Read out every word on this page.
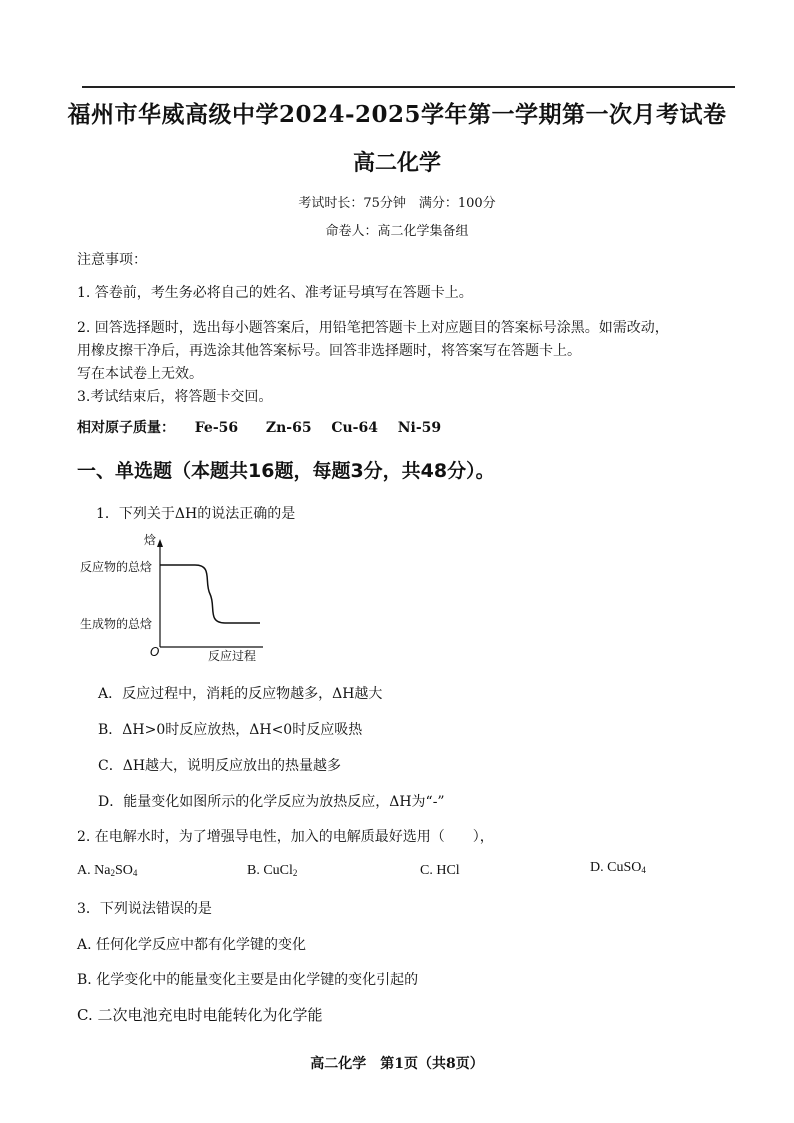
福州市华威高级中学2024-2025学年第一学期第一次月考试卷
高二化学
考试时长：75分钟　满分：100分
命卷人：高二化学集备组
注意事项：
1. 答卷前，考生务必将自己的姓名、准考证号填写在答题卡上。
2. 回答选择题时，选出每小题答案后，用铅笔把答题卡上对应题目的答案标号涂黑。如需改动，
用橡皮擦干净后，再选涂其他答案标号。回答非选择题时，将答案写在答题卡上。
写在本试卷上无效。
3.考试结束后，将答题卡交回。
相对原子质量： Fe-56 Zn-65 Cu-64 Ni-59
一、单选题（本题共16题，每题3分，共48分）。
1．下列关于ΔH的说法正确的是
焓
反应物的总焓
生成物的总焓
O	反应过程
A．反应过程中，消耗的反应物越多，ΔH越大
B．ΔH>0时反应放热，ΔH<0时反应吸热
C．ΔH越大，说明反应放出的热量越多
D．能量变化如图所示的化学反应为放热反应，ΔH为“-”
2. 在电解水时，为了增强导电性，加入的电解质最好选用（　　），
A. $Na_2SO_4$	B. CuCl$_2$	C. HCl	D. CuSO$_4$
3．下列说法错误的是
A. 任何化学反应中都有化学键的变化
B. 化学变化中的能量变化主要是由化学键的变化引起的
C. 二次电池充电时电能转化为化学能
高二化学　第1页（共8页）
